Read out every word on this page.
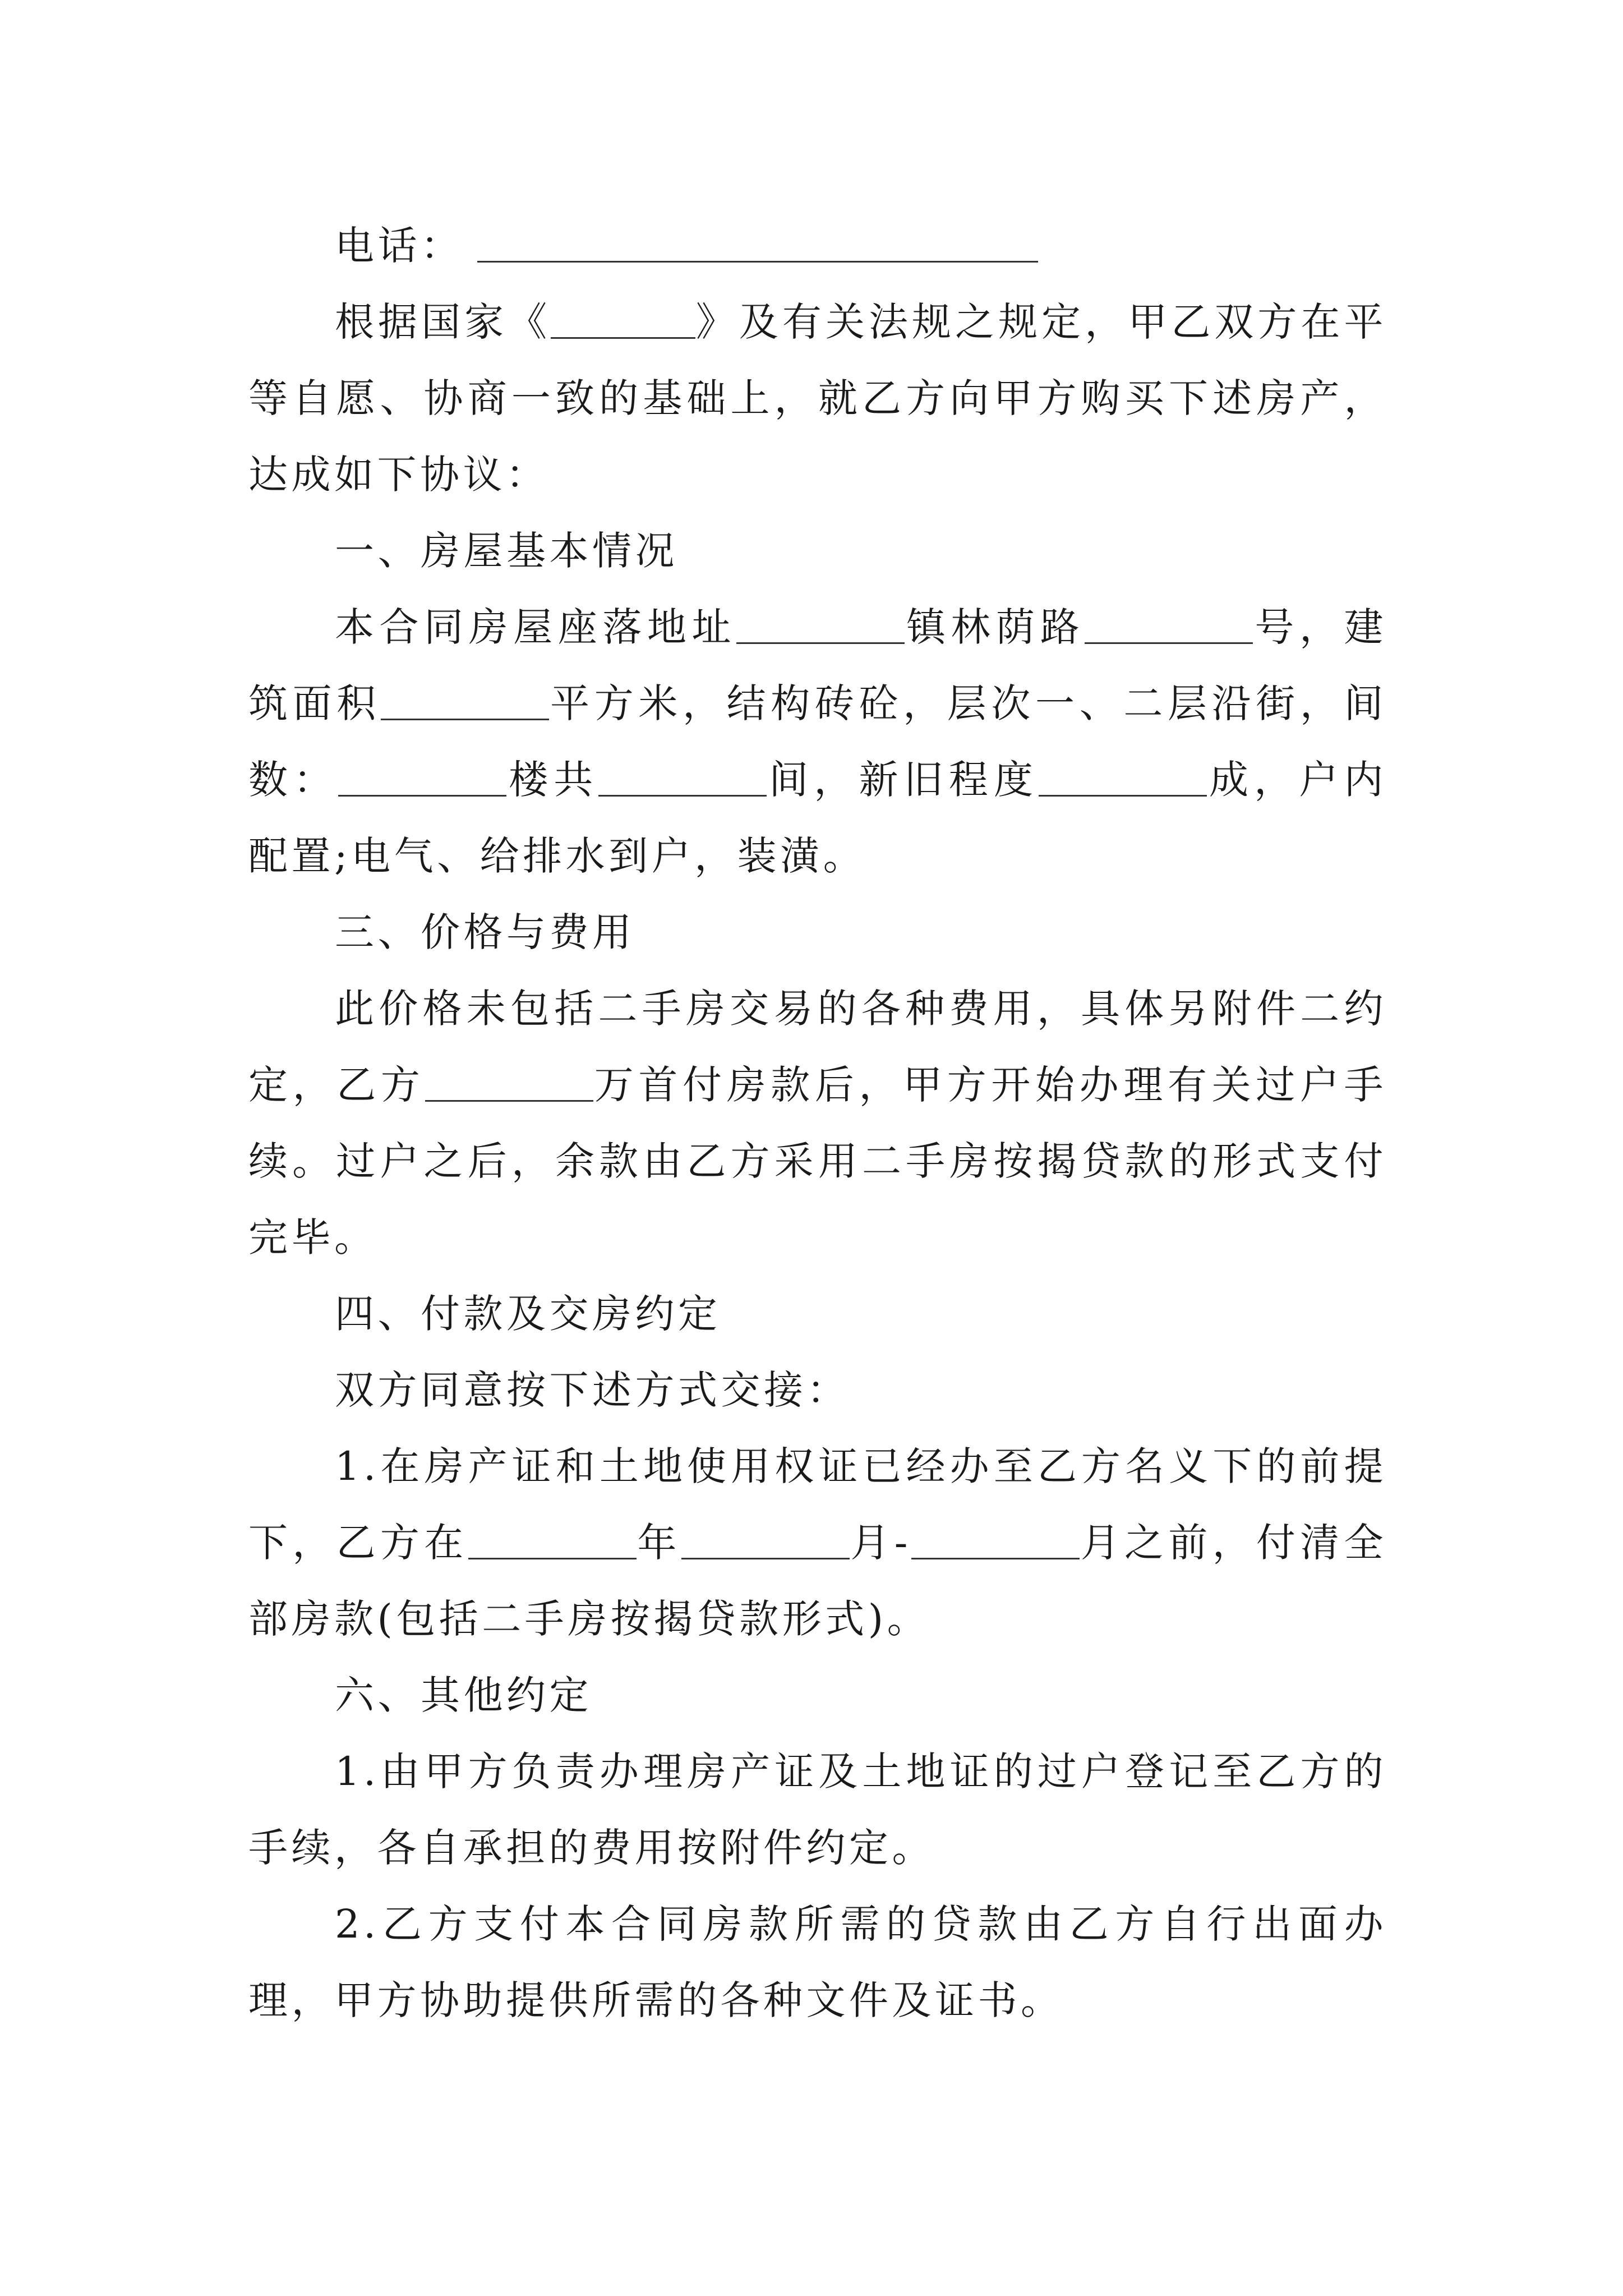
电话：

根据国家《	》及有关法规之规定，甲乙双方在平等自愿、协商一致的基础上，就乙方向甲方购买下述房产，达成如下协议：

一、房屋基本情况

本合同房屋座落地址	镇林荫路	号，建筑面积	平方米，结构砖砼，层次一、二层沿街，间数：	楼共	间，新旧程度	成，户内配置;电气、给排水到户，装潢。

三、价格与费用

此价格未包括二手房交易的各种费用，具体另附件二约定，乙方	万首付房款后，甲方开始办理有关过户手续。过户之后，余款由乙方采用二手房按揭贷款的形式支付完毕。

四、付款及交房约定

双方同意按下述方式交接：

1.在房产证和土地使用权证已经办至乙方名义下的前提下，乙方在	年	月-	月之前，付清全部房款(包括二手房按揭贷款形式)。

六、其他约定

1.由甲方负责办理房产证及土地证的过户登记至乙方的手续，各自承担的费用按附件约定。

2.乙方支付本合同房款所需的贷款由乙方自行出面办理，甲方协助提供所需的各种文件及证书。
